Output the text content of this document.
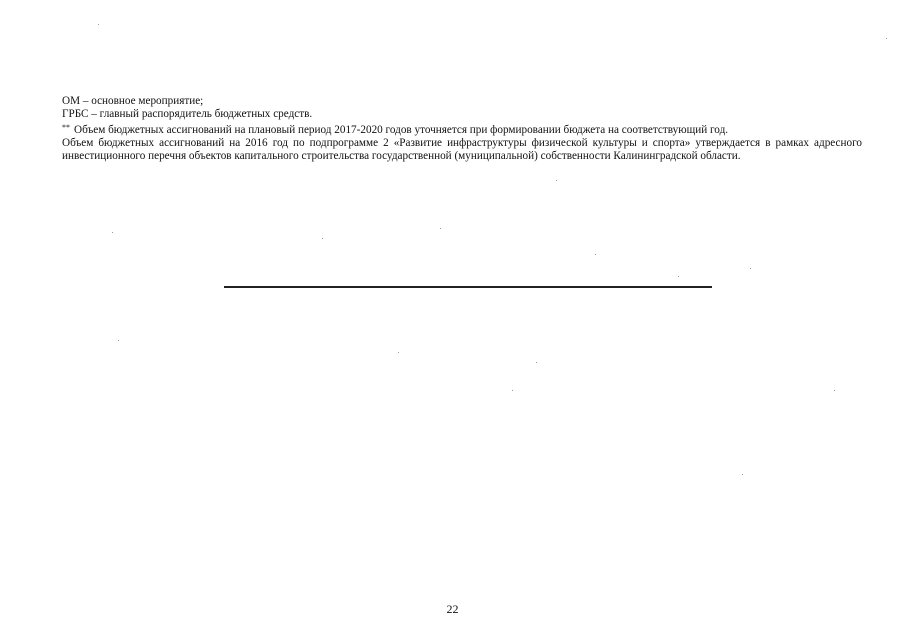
ОМ – основное мероприятие;

ГРБС – главный распорядитель бюджетных средств.

** Объем бюджетных ассигнований на плановый период 2017-2020 годов уточняется при формировании бюджета на соответствующий год.

Объем бюджетных ассигнований на 2016 год по подпрограмме 2 «Развитие инфраструктуры физической культуры и спорта» утверждается в рамках адресного инвестиционного перечня объектов капитального строительства государственной (муниципальной) собственности Калининградской области.

22
